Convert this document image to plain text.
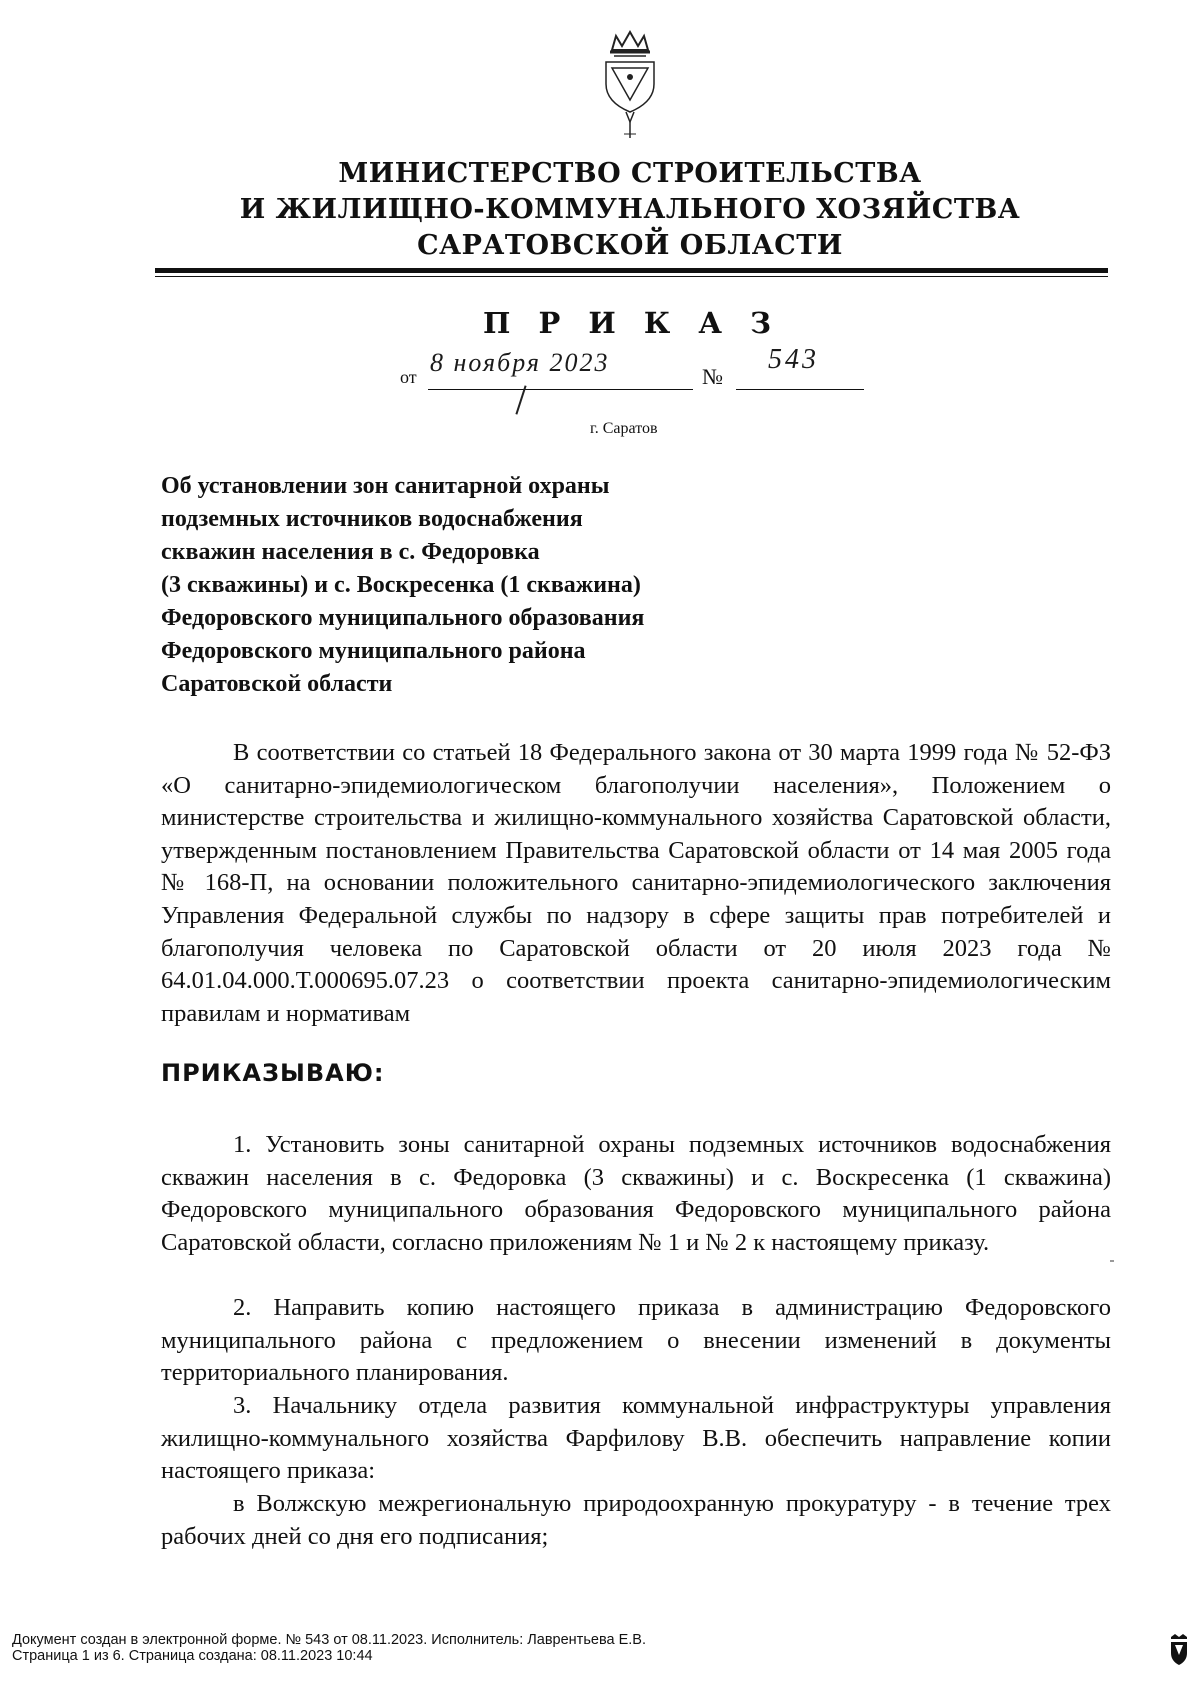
МИНИСТЕРСТВО СТРОИТЕЛЬСТВА
И ЖИЛИЩНО-КОММУНАЛЬНОГО ХОЗЯЙСТВА
САРАТОВСКОЙ ОБЛАСТИ
П Р И К А З
от 8 ноября 2023	№
543
г. Саратов
Об установлении зон санитарной охраны
подземных источников водоснабжения
скважин населения в с. Федоровка
(3 скважины) и с. Воскресенка (1 скважина)
Федоровского муниципального образования
Федоровского муниципального района
Саратовской области
В соответствии со статьей 18 Федерального закона от 30 марта 1999 года № 52-ФЗ «О санитарно-эпидемиологическом благополучии населения», Положением о министерстве строительства и жилищно-коммунального хозяйства Саратовской области, утвержденным постановлением Правительства Саратовской области от 14 мая 2005 года № 168-П, на основании положительного санитарно-эпидемиологического заключения Управления Федеральной службы по надзору в сфере защиты прав потребителей и благополучия человека по Саратовской области от 20 июля 2023 года № 64.01.04.000.Т.000695.07.23 о соответствии проекта санитарно-эпидемиологическим правилам и нормативам
ПРИКАЗЫВАЮ:
1. Установить зоны санитарной охраны подземных источников водоснабжения скважин населения в с. Федоровка (3 скважины) и с. Воскресенка (1 скважина) Федоровского муниципального образования Федоровского муниципального района Саратовской области, согласно приложениям № 1 и № 2 к настоящему приказу.
2. Направить копию настоящего приказа в администрацию Федоровского муниципального района с предложением о внесении изменений в документы территориального планирования.
3. Начальнику отдела развития коммунальной инфраструктуры управления жилищно-коммунального хозяйства Фарфилову В.В. обеспечить направление копии настоящего приказа:
в Волжскую межрегиональную природоохранную прокуратуру - в течение трех рабочих дней со дня его подписания;
Документ создан в электронной форме. № 543 от 08.11.2023. Исполнитель: Лаврентьева Е.В.
Страница 1 из 6. Страница создана: 08.11.2023 10:44
